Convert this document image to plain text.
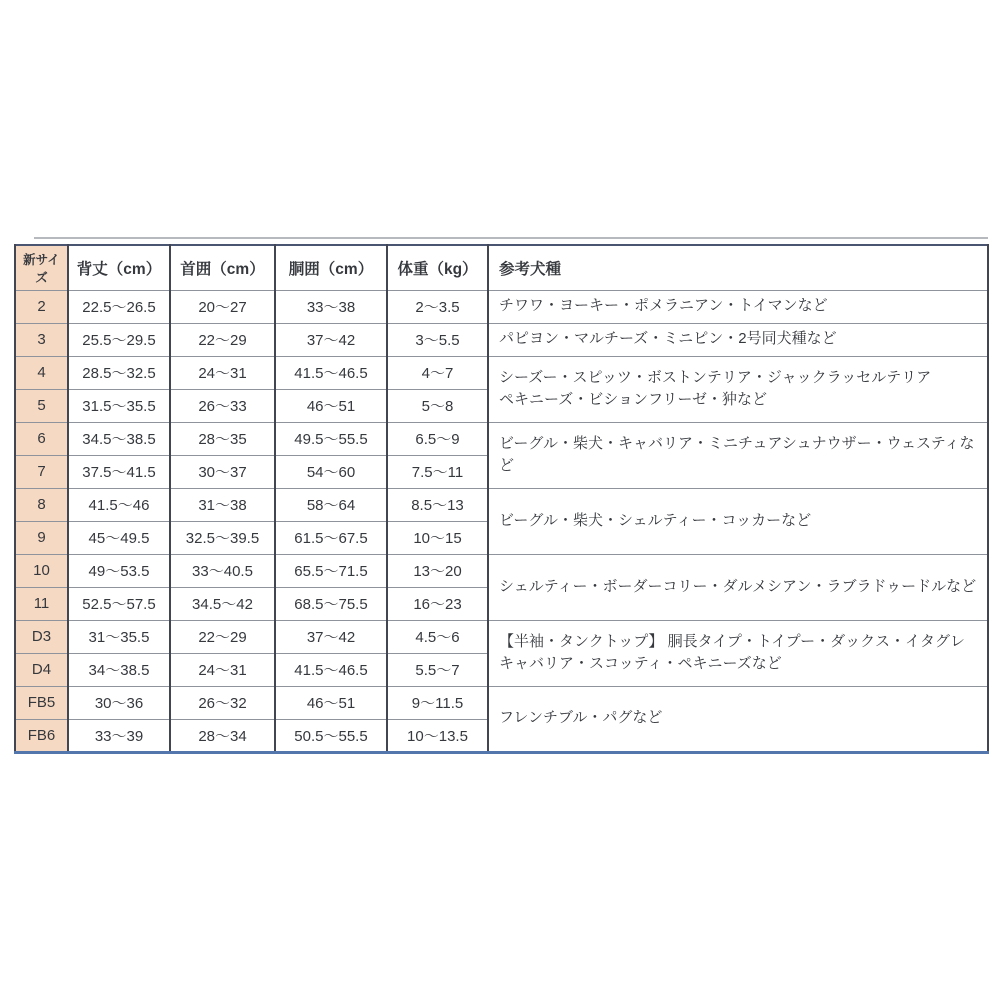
新サイズ	背丈（cm）	首囲（cm）	胴囲（cm）	体重（kg）	参考犬種
2	22.5～26.5	20～27	33～38	2～3.5	チワワ・ヨーキー・ポメラニアン・トイマンなど

3	25.5～29.5	22～29	37～42	3～5.5	パピヨン・マルチーズ・ミニピン・2号同犬種など

4	28.5～32.5	24～31	41.5～46.5	4～7	シーズー・スピッツ・ボストンテリア・ジャックラッセルテリア
ペキニーズ・ビションフリーゼ・狆など

5	31.5～35.5	26～33	46～51	5～8	
6	34.5～38.5	28～35	49.5～55.5	6.5～9	ビーグル・柴犬・キャバリア・ミニチュアシュナウザー・ウェスティなど

7	37.5～41.5	30～37	54～60	7.5～11	
8	41.5～46	31～38	58～64	8.5～13	ビーグル・柴犬・シェルティー・コッカーなど

9	45～49.5	32.5～39.5	61.5～67.5	10～15	
10	49～53.5	33～40.5	65.5～71.5	13～20	シェルティー・ボーダーコリー・ダルメシアン・ラブラドゥードルなど

11	52.5～57.5	34.5～42	68.5～75.5	16～23	
D3	31～35.5	22～29	37～42	4.5～6	【半袖・タンクトップ】 胴長タイプ・トイプー・ダックス・イタグレ
キャバリア・スコッティ・ペキニーズなど

D4	34～38.5	24～31	41.5～46.5	5.5～7	
FB5	30～36	26～32	46～51	9～11.5	フレンチブル・パグなど

FB6	33～39	28～34	50.5～55.5	10～13.5	
